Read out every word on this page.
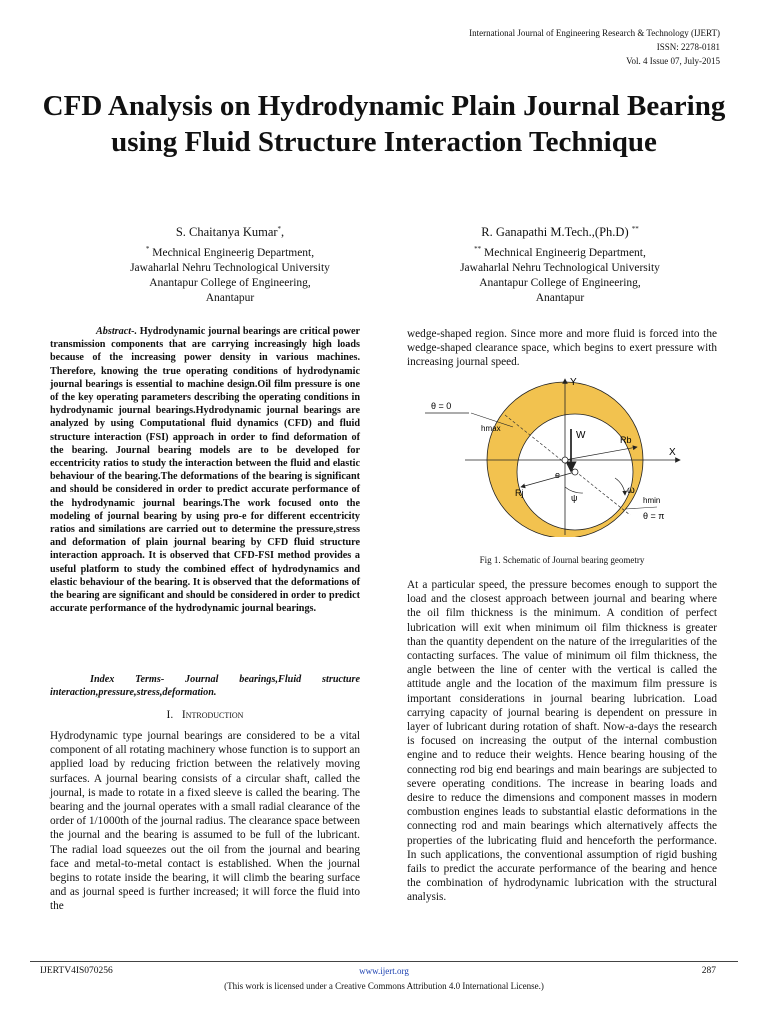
International Journal of Engineering Research & Technology (IJERT)
ISSN: 2278-0181
Vol. 4 Issue 07, July-2015
CFD Analysis on Hydrodynamic Plain Journal Bearing using Fluid Structure Interaction Technique
S. Chaitanya Kumar*,
* Mechnical Engineerig Department,
Jawaharlal Nehru Technological University
Anantapur College of Engineering,
Anantapur
R. Ganapathi M.Tech.,(Ph.D) **
** Mechnical Engineerig Department,
Jawaharlal Nehru Technological University
Anantapur College of Engineering,
Anantapur

Abstract-. Hydrodynamic journal bearings are critical power transmission components that are carrying increasingly high loads because of the increasing power density in various machines. Therefore, knowing the true operating conditions of hydrodynamic journal bearings is essential to machine design.Oil film pressure is one of the key operating parameters describing the operating conditions in hydrodynamic journal bearings.Hydrodynamic journal bearings are analyzed by using Computational fluid dynamics (CFD) and fluid structure interaction (FSI) approach in order to find deformation of the bearing. Journal bearing models are to be developed for eccentricity ratios to study the interaction between the fluid and elastic behaviour of the bearing.The deformations of the bearing is significant and should be considered in order to predict accurate performance of the hydrodynamic journal bearings.The work focused onto the modeling of journal bearing by using pro-e for different eccentricity ratios and similations are carried out to determine the pressure,stress and deformation of plain journal bearing by CFD fluid structure interaction approach. It is observed that CFD-FSI method provides a useful platform to study the combined effect of hydrodynamics and elastic behaviour of the bearing. It is observed that the deformations of the bearing are significant and should be considered in order to predict accurate performance of the hydrodynamic journal bearings.

Index Terms- Journal bearings,Fluid structure interaction,pressure,stress,deformation.

I. Introduction

Hydrodynamic type journal bearings are considered to be a vital component of all rotating machinery whose function is to support an applied load by reducing friction between the relatively moving surfaces. A journal bearing consists of a circular shaft, called the journal, is made to rotate in a fixed sleeve is called the bearing. The bearing and the journal operates with a small radial clearance of the order of 1/1000th of the journal radius. The clearance space between the journal and the bearing is assumed to be full of the lubricant. The radial load squeezes out the oil from the journal and bearing face and metal-to-metal contact is established. When the journal begins to rotate inside the bearing, it will climb the bearing surface and as journal speed is further increased; it will force the fluid into the

wedge-shaped region. Since more and more fluid is forced into the wedge-shaped clearance space, which begins to exert pressure with increasing journal speed.

Y
X
W
θ = 0
hmax
Rb
Rj
e
ψ
ω
hmin
θ = π
Fig 1. Schematic of Journal bearing geometry

At a particular speed, the pressure becomes enough to support the load and the closest approach between journal and bearing where the oil film thickness is the minimum. A condition of perfect lubrication will exit when minimum oil film thickness is greater than the quantity dependent on the nature of the irregularities of the contacting surfaces. The value of minimum oil film thickness, the angle between the line of center with the vertical is called the attitude angle and the location of the maximum film pressure is important considerations in journal bearing lubrication. Load carrying capacity of journal bearing is dependent on pressure in layer of lubricant during rotation of shaft. Now-a-days the research is focused on increasing the output of the internal combustion engine and to reduce their weights. Hence bearing housing of the connecting rod big end bearings and main bearings are subjected to severe operating conditions. The increase in bearing loads and desire to reduce the dimensions and component masses in modern combustion engines leads to substantial elastic deformations in the connecting rod and main bearings which alternatively affects the properties of the lubricating fluid and henceforth the performance. In such applications, the conventional assumption of rigid bushing fails to predict the accurate performance of the bearing and hence the combination of hydrodynamic lubrication with the structural analysis.

IJERTV4IS070256	www.ijert.org	287
(This work is licensed under a Creative Commons Attribution 4.0 International License.)
